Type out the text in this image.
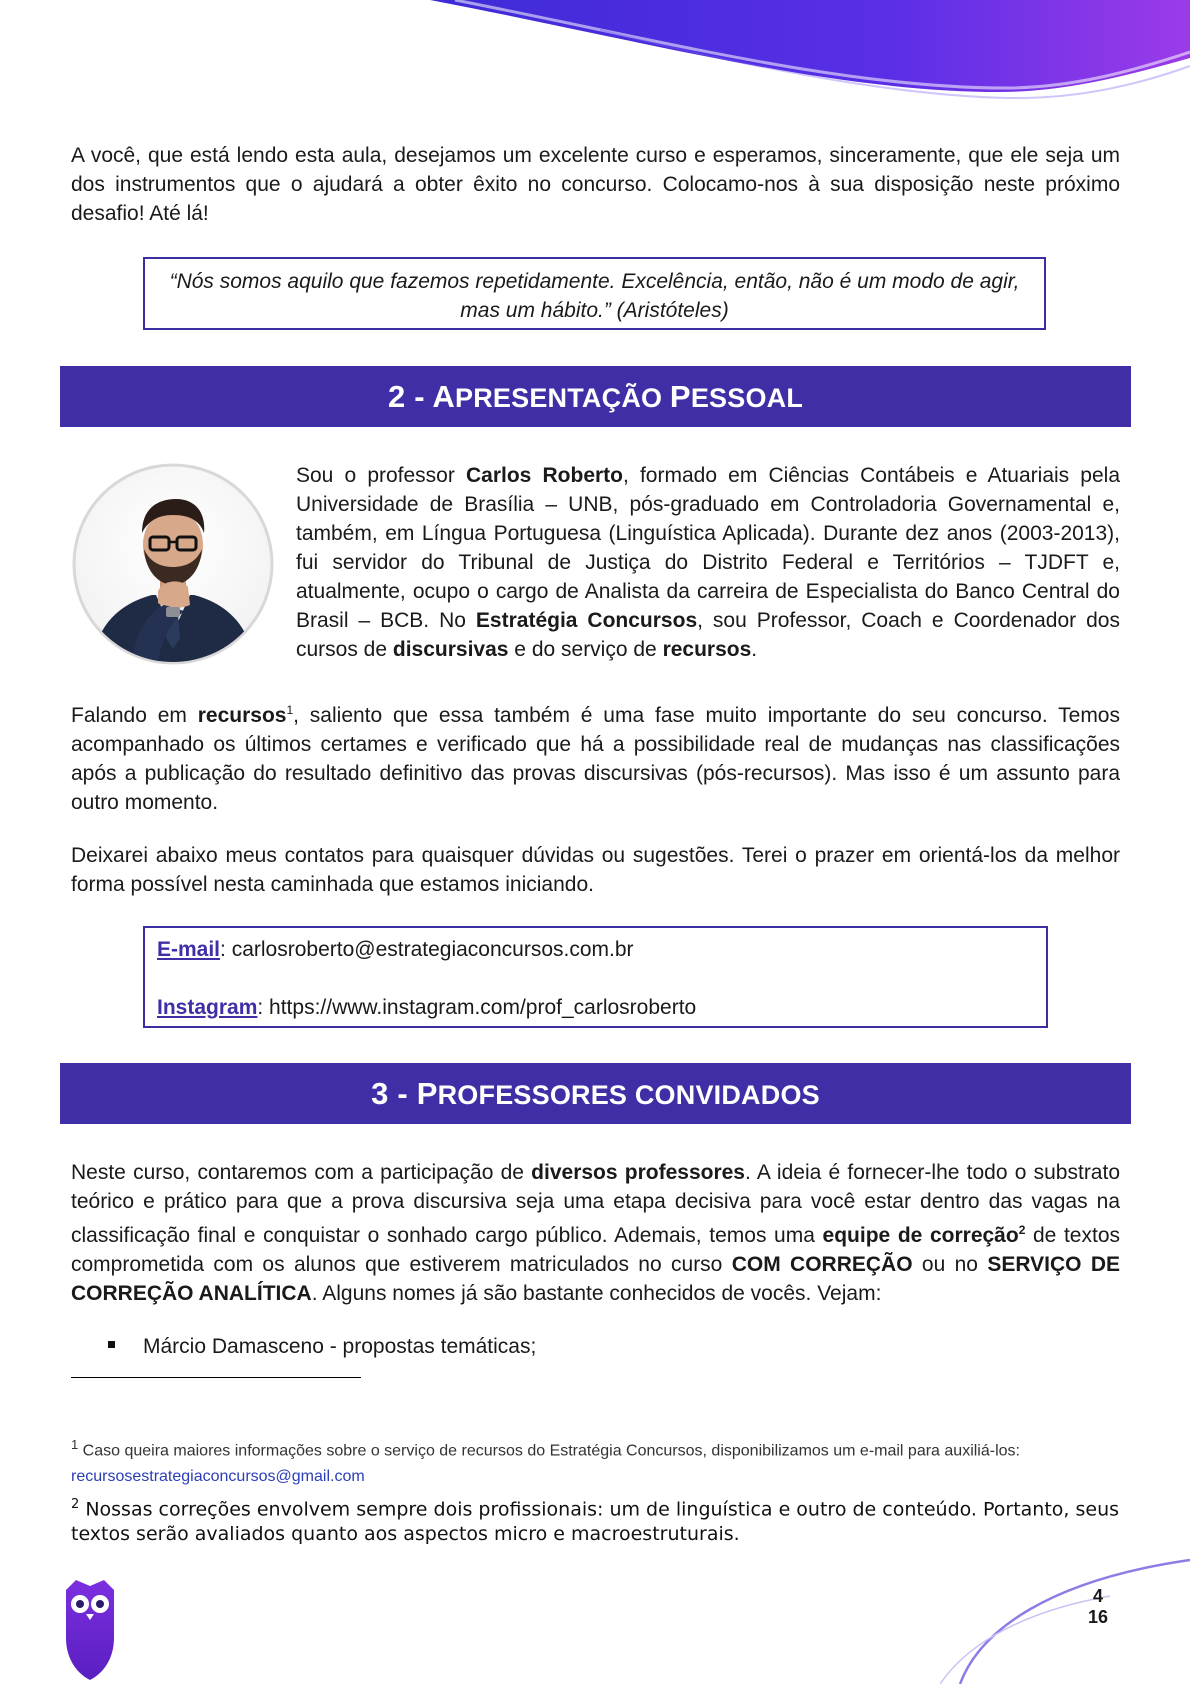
A você, que está lendo esta aula, desejamos um excelente curso e esperamos, sinceramente, que ele seja um dos instrumentos que o ajudará a obter êxito no concurso. Colocamo-nos à sua disposição neste próximo desafio! Até lá!

“Nós somos aquilo que fazemos repetidamente. Excelência, então, não é um modo de agir,
mas um hábito.” (Aristóteles)
2 - APRESENTAÇÃO PESSOAL

Sou o professor Carlos Roberto, formado em Ciências Contábeis e Atuariais pela Universidade de Brasília – UNB, pós-graduado em Controladoria Governamental e, também, em Língua Portuguesa (Linguística Aplicada). Durante dez anos (2003-2013), fui servidor do Tribunal de Justiça do Distrito Federal e Territórios – TJDFT e, atualmente, ocupo o cargo de Analista da carreira de Especialista do Banco Central do Brasil – BCB. No Estratégia Concursos, sou Professor, Coach e Coordenador dos cursos de discursivas e do serviço de recursos.

Falando em recursos$^1$, saliento que essa também é uma fase muito importante do seu concurso. Temos acompanhado os últimos certames e verificado que há a possibilidade real de mudanças nas classificações após a publicação do resultado definitivo das provas discursivas (pós-recursos). Mas isso é um assunto para outro momento.

Deixarei abaixo meus contatos para quaisquer dúvidas ou sugestões. Terei o prazer em orientá-los da melhor forma possível nesta caminhada que estamos iniciando.

E-mail: carlosroberto@estrategiaconcursos.com.br
Instagram: https://www.instagram.com/prof_carlosroberto
3 - PROFESSORES CONVIDADOS

Neste curso, contaremos com a participação de diversos professores. A ideia é fornecer-lhe todo o substrato teórico e prático para que a prova discursiva seja uma etapa decisiva para você estar dentro das vagas na classificação final e conquistar o sonhado cargo público. Ademais, temos uma equipe de correção$^2$ de textos comprometida com os alunos que estiverem matriculados no curso COM CORREÇÃO ou no SERVIÇO DE CORREÇÃO ANALÍTICA. Alguns nomes já são bastante conhecidos de vocês. Vejam:

Márcio Damasceno - propostas temáticas;

$^1$ Caso queira maiores informações sobre o serviço de recursos do Estratégia Concursos, disponibilizamos um e-mail para auxiliá-los: recursosestrategiaconcursos@gmail.com

$^2$ Nossas correções envolvem sempre dois profissionais: um de linguística e outro de conteúdo. Portanto, seus textos serão avaliados quanto aos aspectos micro e macroestruturais.

4
16
